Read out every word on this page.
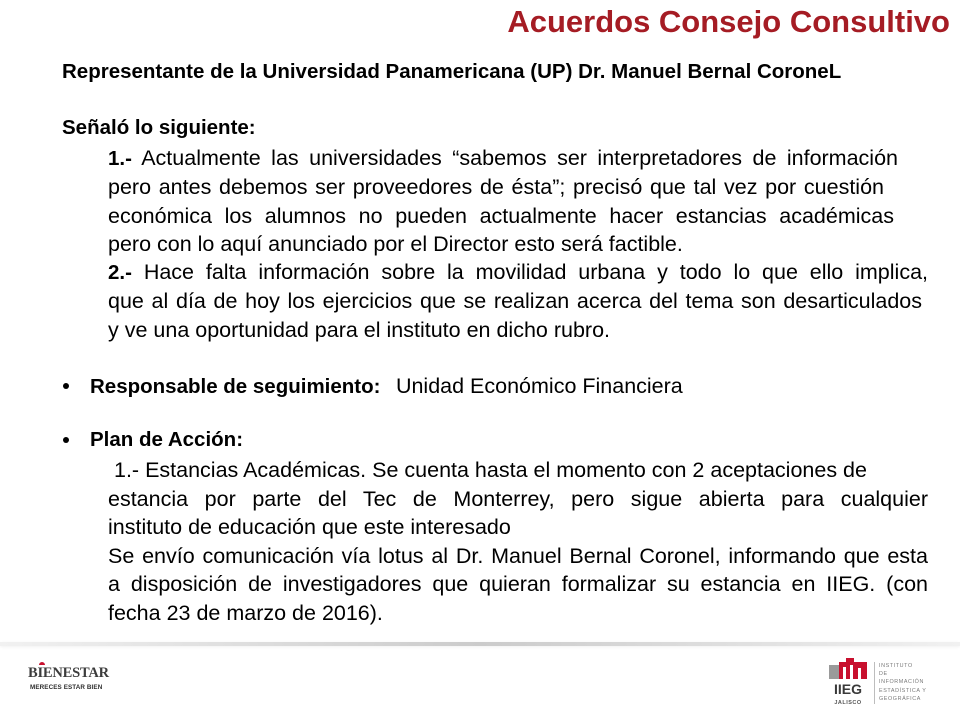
Acuerdos Consejo Consultivo
Representante de la Universidad Panamericana (UP) Dr. Manuel Bernal CoroneL
Señaló lo siguiente:
1.- Actualmente las universidades “sabemos ser interpretadores de información
pero antes debemos ser proveedores de ésta”; precisó que tal vez por cuestión
económica los alumnos no pueden actualmente hacer estancias académicas
pero con lo aquí anunciado por el Director esto será factible.
2.- Hace falta información sobre la movilidad urbana y todo lo que ello implica,
que al día de hoy los ejercicios que se realizan acerca del tema son desarticulados
y ve una oportunidad para el instituto en dicho rubro.
Responsable de seguimiento: Unidad Económico Financiera
Plan de Acción:
1.- Estancias Académicas. Se cuenta hasta el momento con 2 aceptaciones de
estancia por parte del Tec de Monterrey, pero sigue abierta para cualquier
instituto de educación que este interesado
Se envío comunicación vía lotus al Dr. Manuel Bernal Coronel, informando que esta
a disposición de investigadores que quieran formalizar su estancia en IIEG. (con
fecha 23 de marzo de 2016).
BIENESTAR
MERECES ESTAR BIEN	IIEG
JALISCO
INSTITUTO
DE
INFORMACIÓN
ESTADÍSTICA Y
GEOGRÁFICA
